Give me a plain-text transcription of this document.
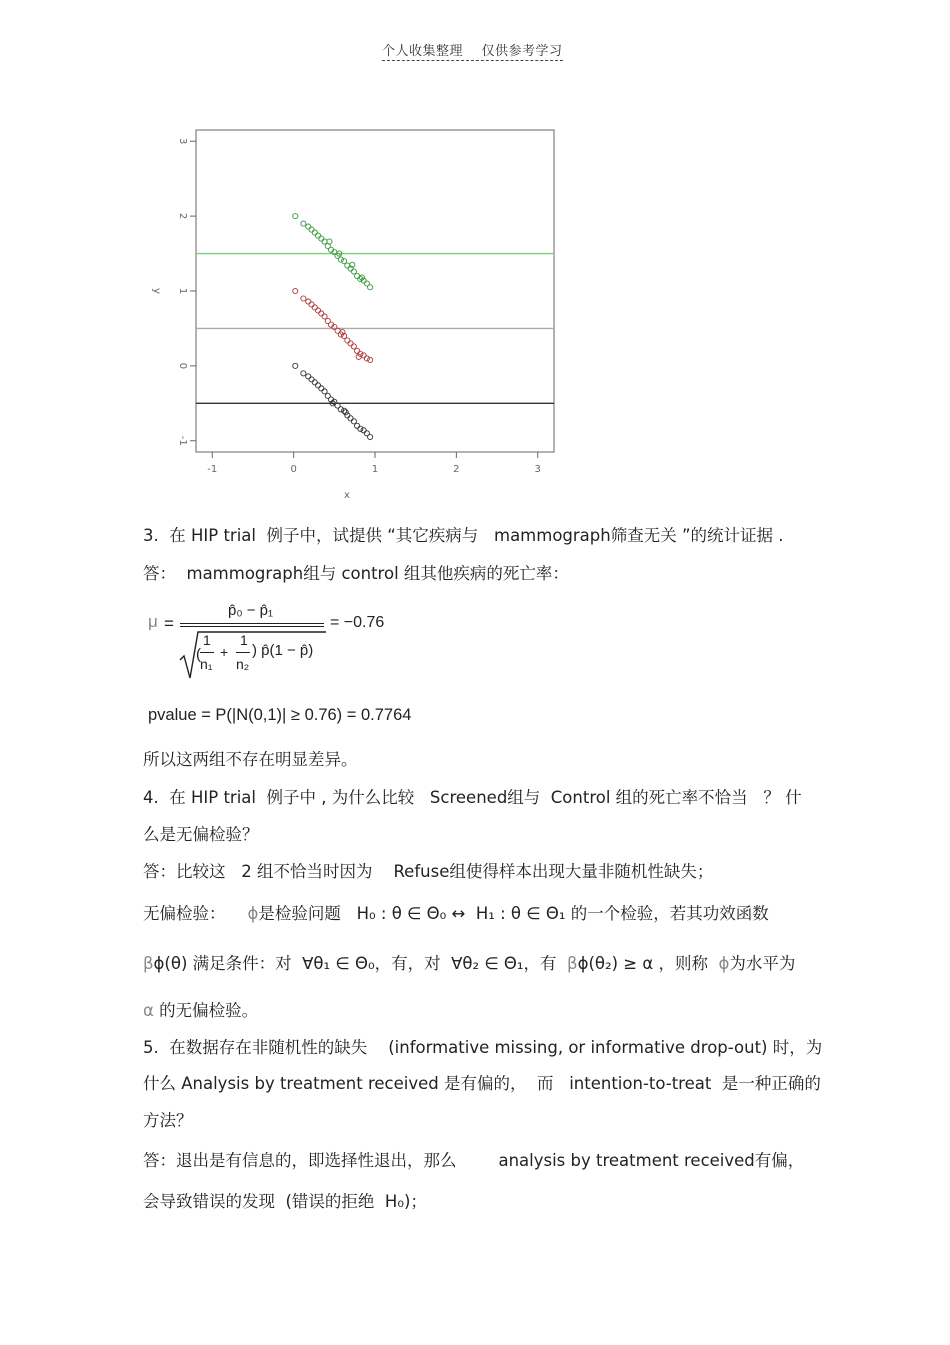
个人收集整理    仅供参考学习
-1	0	1	2	3
-1
0
1
2
3
x
y
3.  在 HIP trial  例子中，试提供 “其它疾病与   mammograph筛查无关 ”的统计证据 .
答：  mammograph组与 control 组其他疾病的死亡率：
μ =
p̂₀ − p̂₁
(
1
n₁
+
1
n₂
) p̂(1 − p̂)
= −0.76
pvalue = P(|N(0,1)| ≥ 0.76) = 0.7764
所以这两组不存在明显差异。
4.  在 HIP trial  例子中 , 为什么比较   Screened组与  Control 组的死亡率不恰当   ？ 什
么是无偏检验？
答：比较这   2 组不恰当时因为    Refuse组使得样本出现大量非随机性缺失；
无偏检验： ϕ是检验问题   H₀ : θ ∈ Θ₀ ↔  H₁ : θ ∈ Θ₁ 的一个检验，若其功效函数
βϕ(θ) 满足条件：对  ∀θ₁ ∈ Θ₀，有，对  ∀θ₂ ∈ Θ₁，有  βϕ(θ₂) ≥ α ，则称  ϕ为水平为
α 的无偏检验。
5.  在数据存在非随机性的缺失    (informative missing, or informative drop-out) 时，为
什么 Analysis by treatment received 是有偏的，  而   intention-to-treat  是一种正确的
方法？
答：退出是有信息的，即选择性退出，那么        analysis by treatment received有偏，
会导致错误的发现  (错误的拒绝  H₀)；
